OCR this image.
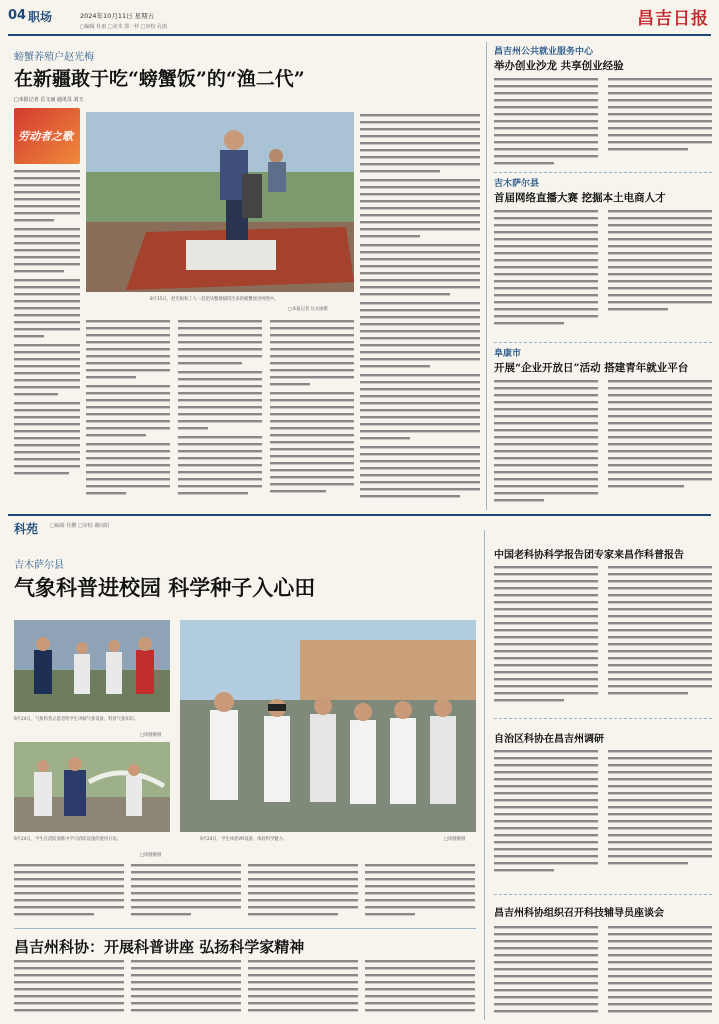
04 职场	2024年10月11日 星期五
□编辑 杜雨 □美术 郑一样 □审校 孔雨	昌吉日报
螃蟹养殖户赵光梅
在新疆敢于吃“螃蟹饭”的“渔二代”
□本报记者 岳文丽 通讯员 刘玉
劳动者之歌
8月15日，赵光梅和工人一起把从蟹塘捕捞出来的螃蟹放进网兜中。
□本报记者 岳文丽摄
昌吉州公共就业服务中心
举办创业沙龙 共享创业经验
吉木萨尔县
首届网络直播大赛 挖掘本土电商人才
阜康市
开展“企业开放日”活动 搭建青年就业平台
科苑 □编辑 任鹏 □审校 谢向阳
吉木萨尔县
气象科普进校园 科学种子入心田
9月24日，气象科普志愿者给学生讲解气象设备、科普气象知识。
□周静静摄
9月24日，学生在消防演练中学习消防设施的使用方法。
□周静静摄
9月24日，学生体验VR设备，体验科学魅力。	□周静静摄
昌吉州科协：开展科普讲座 弘扬科学家精神
中国老科协科学报告团专家来昌作科普报告
自治区科协在昌吉州调研
昌吉州科协组织召开科技辅导员座谈会
